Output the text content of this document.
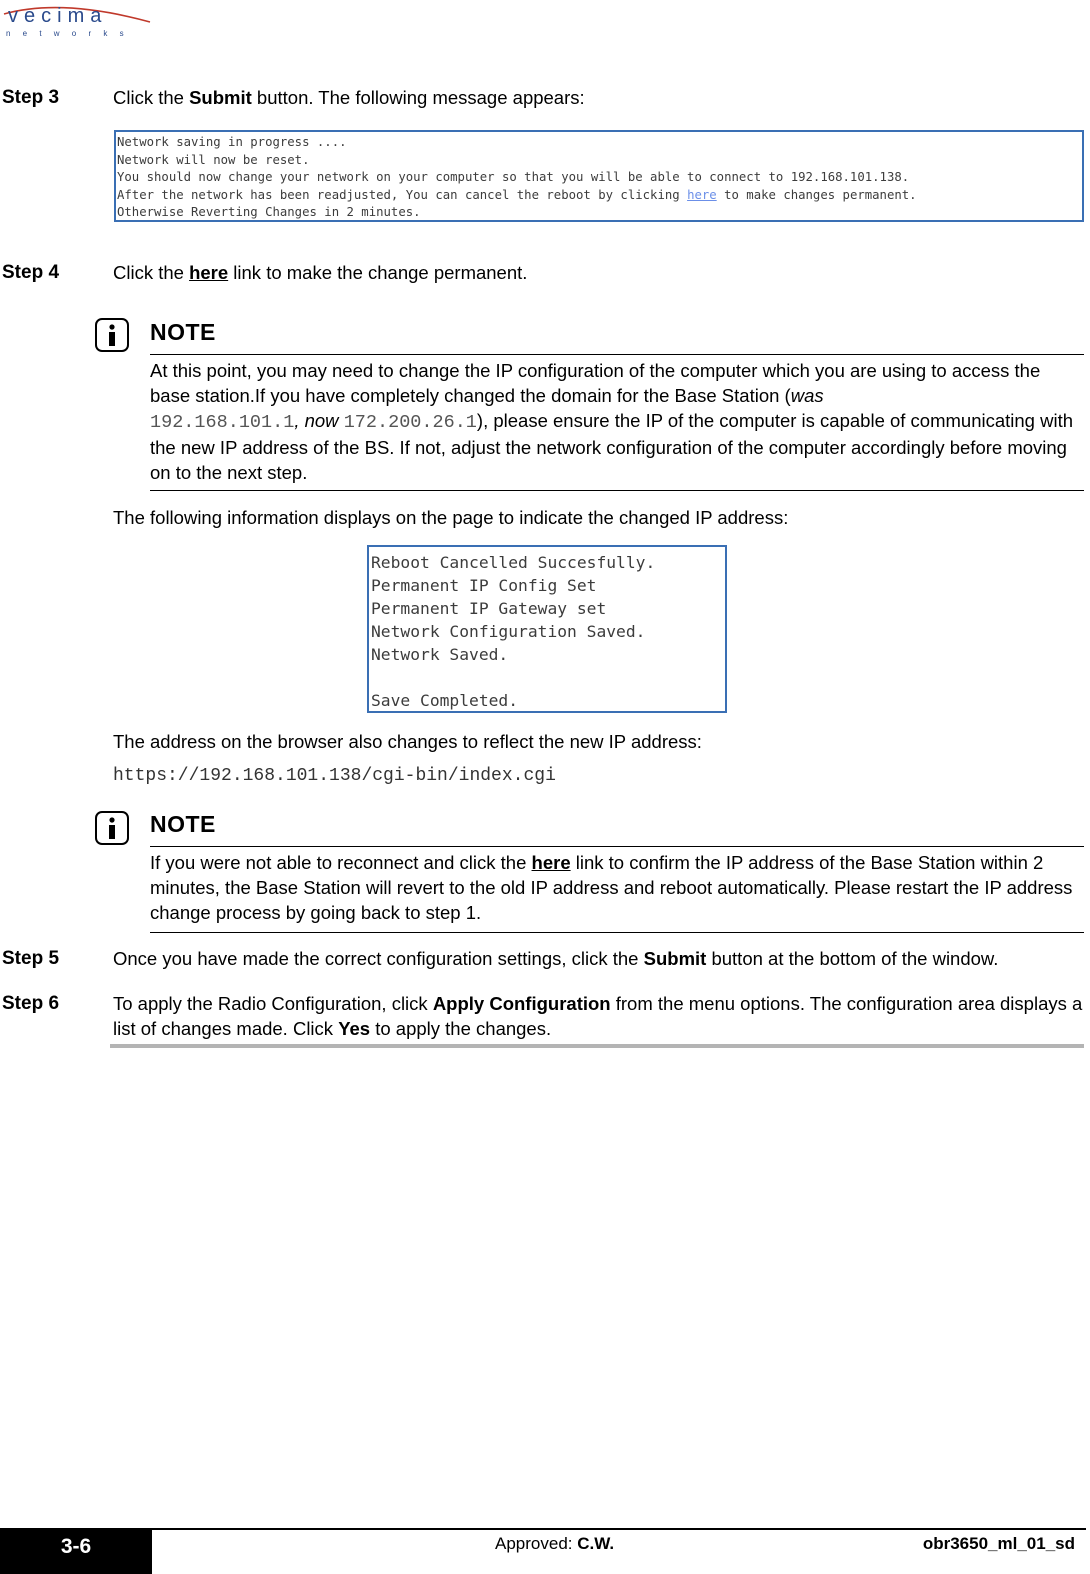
vecima
n e t w o r k s
Step 3	Click the Submit button. The following message appears:
Network saving in progress ....
Network will now be reset.
You should now change your network on your computer so that you will be able to connect to 192.168.101.138.
After the network has been readjusted, You can cancel the reboot by clicking here to make changes permanent.
Otherwise Reverting Changes in 2 minutes.
Step 4	Click the here link to make the change permanent.
NOTE
At this point, you may need to change the IP configuration of the computer which you are using to access the base station.If you have completely changed the domain for the Base Station (was
192.168.101.1, now 172.200.26.1), please ensure the IP of the computer is capable of communicating with the new IP address of the BS. If not, adjust the network configuration of the computer accordingly before moving on to the next step.
The following information displays on the page to indicate the changed IP address:
Reboot Cancelled Succesfully.
Permanent IP Config Set
Permanent IP Gateway set
Network Configuration Saved.
Network Saved.

Save Completed.
The address on the browser also changes to reflect the new IP address:
https://192.168.101.138/cgi-bin/index.cgi
NOTE
If you were not able to reconnect and click the here link to confirm the IP address of the Base Station within 2 minutes, the Base Station will revert to the old IP address and reboot automatically. Please restart the IP address change process by going back to step 1.
Step 5	Once you have made the correct configuration settings, click the Submit button at the bottom of the window.
Step 6	To apply the Radio Configuration, click Apply Configuration from the menu options. The configuration area displays a list of changes made. Click Yes to apply the changes.
3-6	Approved: C.W.	obr3650_ml_01_sd
